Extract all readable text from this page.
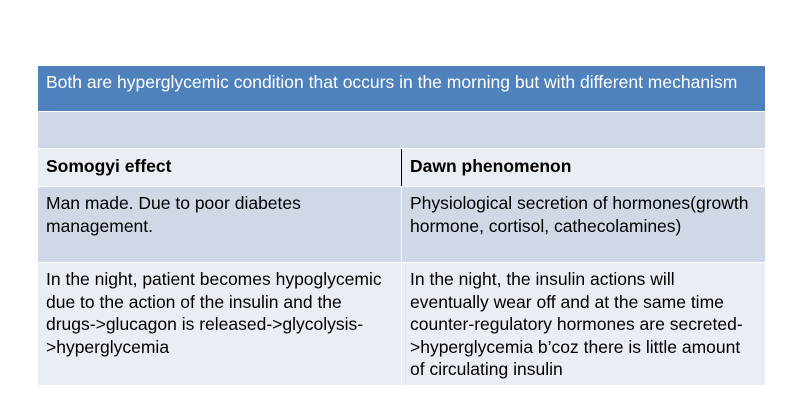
Both are hyperglycemic condition that occurs in the morning but with different mechanism
Somogyi effect	Dawn phenomenon
Man made. Due to poor diabetes management.
Physiological secretion of hormones(growth hormone, cortisol, cathecolamines)
In the night, patient becomes hypoglycemic due to the action of the insulin and the drugs->glucagon is released->glycolysis->hyperglycemia
In the night, the insulin actions will eventually wear off and at the same time counter-regulatory hormones are secreted->hyperglycemia b’coz there is little amount of circulating insulin
